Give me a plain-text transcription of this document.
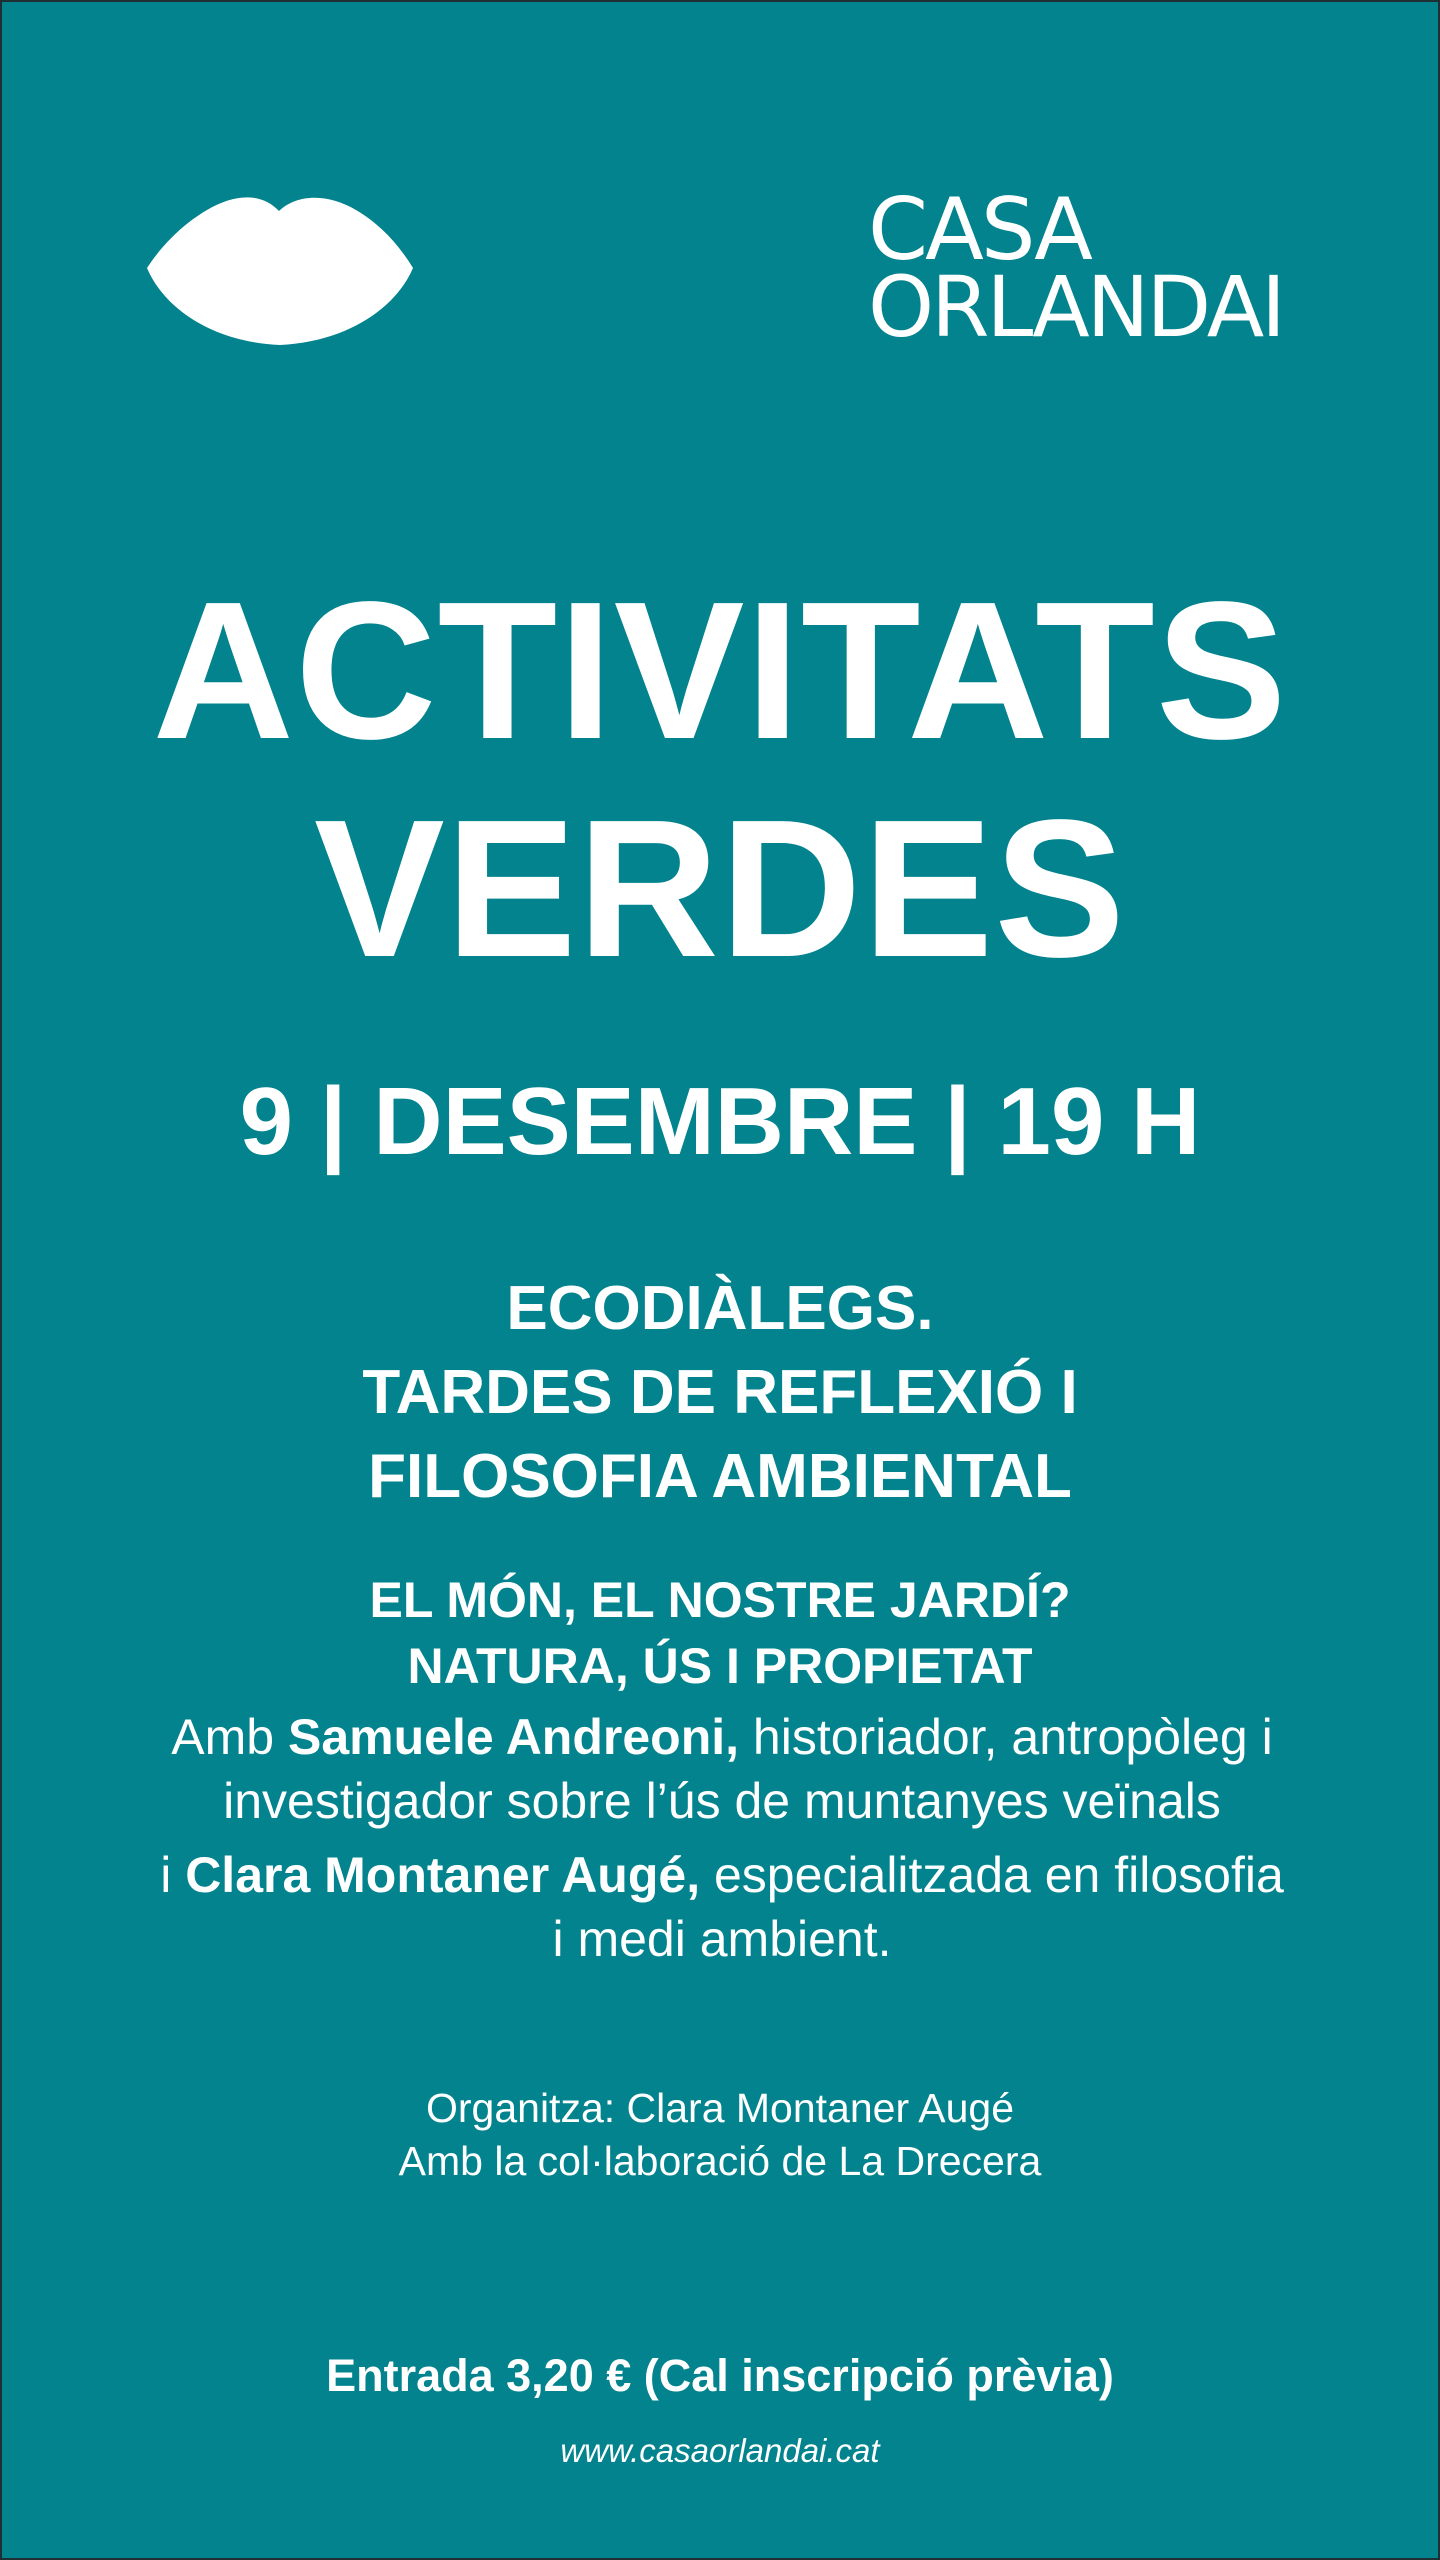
CASA
ORLANDAI
ACTIVITATS
VERDES
9 | DESEMBRE | 19 H
ECODIÀLEGS.
TARDES DE REFLEXIÓ I
FILOSOFIA AMBIENTAL
EL MÓN, EL NOSTRE JARDÍ?
NATURA, ÚS I PROPIETAT

Amb Samuele Andreoni, historiador, antropòleg i investigador sobre l’ús de muntanyes veïnals

i Clara Montaner Augé, especialitzada en filosofia i medi ambient.

Organitza: Clara Montaner Augé
Amb la col·laboració de La Drecera
Entrada 3,20 € (Cal inscripció prèvia)
www.casaorlandai.cat
